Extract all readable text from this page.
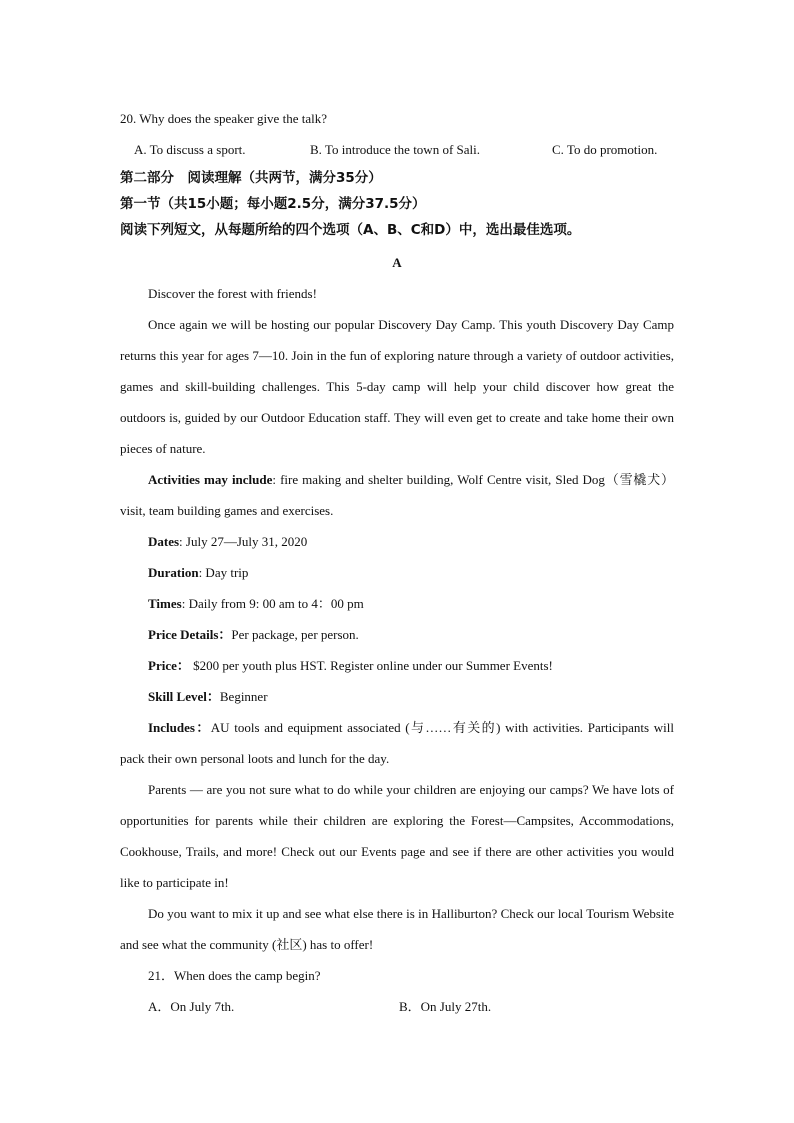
20. Why does the speaker give the talk?
A. To discuss a sport.	B. To introduce the town of Sali.	C. To do promotion.
第二部分　阅读理解（共两节，满分35分）
第一节（共15小题；每小题2.5分，满分37.5分）
阅读下列短文，从每题所给的四个选项（A、B、C和D）中，选出最佳选项。
A
Discover the forest with friends!
Once again we will be hosting our popular Discovery Day Camp. This youth Discovery Day Camp returns this year for ages 7—10. Join in the fun of exploring nature through a variety of outdoor activities, games and skill-building challenges. This 5-day camp will help your child discover how great the outdoors is, guided by our Outdoor Education staff. They will even get to create and take home their own pieces of nature.
Activities may include: fire making and shelter building, Wolf Centre visit, Sled Dog（雪橇犬） visit, team building games and exercises.
Dates: July 27—July 31, 2020
Duration: Day trip
Times: Daily from 9: 00 am to 4：00 pm
Price Details：Per package, per person.
Price： $200 per youth plus HST. Register online under our Summer Events!
Skill Level：Beginner
Includes：AU tools and equipment associated (与……有关的) with activities. Participants will pack their own personal loots and lunch for the day.
Parents — are you not sure what to do while your children are enjoying our camps? We have lots of opportunities for parents while their children are exploring the Forest—Campsites, Accommodations, Cookhouse, Trails, and more! Check out our Events page and see if there are other activities you would like to participate in!
Do you want to mix it up and see what else there is in Halliburton? Check our local Tourism Website and see what the community (社区) has to offer!
21．When does the camp begin?
A．On July 7th.	B．On July 27th.
